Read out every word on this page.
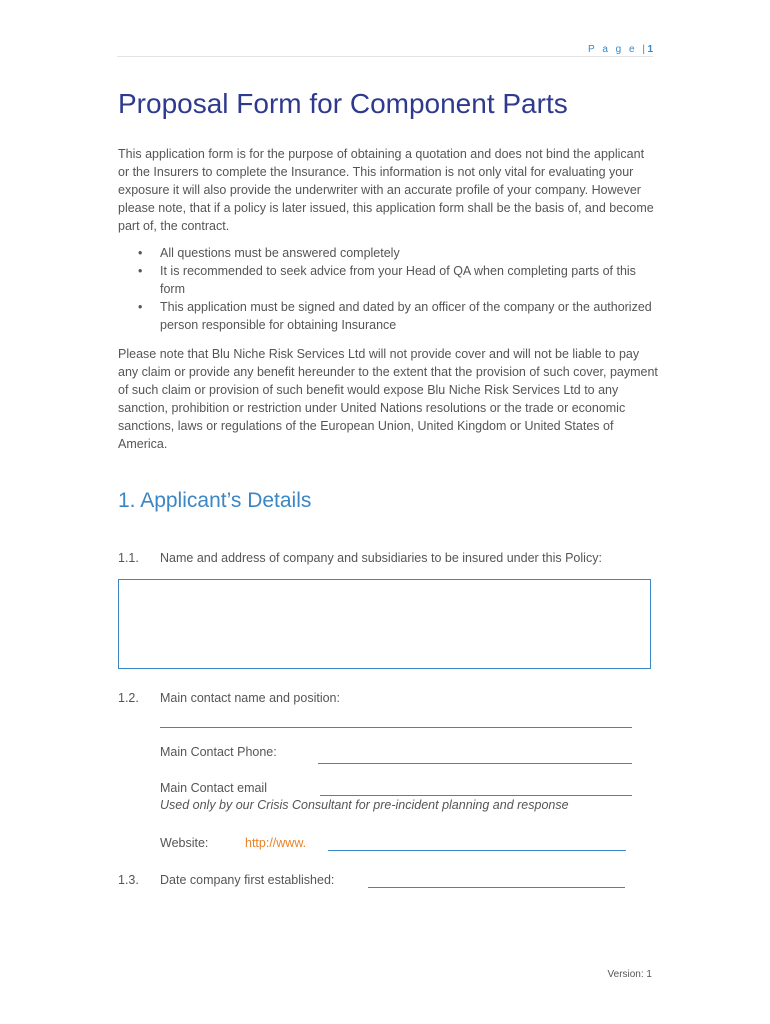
P a g e |1
Proposal Form for Component Parts

This application form is for the purpose of obtaining a quotation and does not bind the applicant or the Insurers to complete the Insurance. This information is not only vital for evaluating your exposure it will also provide the underwriter with an accurate profile of your company. However please note, that if a policy is later issued, this application form shall be the basis of, and become part of, the contract.

• All questions must be answered completely
• It is recommended to seek advice from your Head of QA when completing parts of this form
• This application must be signed and dated by an officer of the company or the authorized person responsible for obtaining Insurance

Please note that Blu Niche Risk Services Ltd will not provide cover and will not be liable to pay any claim or provide any benefit hereunder to the extent that the provision of such cover, payment of such claim or provision of such benefit would expose Blu Niche Risk Services Ltd to any sanction, prohibition or restriction under United Nations resolutions or the trade or economic sanctions, laws or regulations of the European Union, United Kingdom or United States of America.

1. Applicant’s Details
1.1. Name and address of company and subsidiaries to be insured under this Policy:
1.2. Main contact name and position:
Main Contact Phone:
Main Contact email
Used only by our Crisis Consultant for pre-incident planning and response
Website:	http://www.
1.3. Date company first established:
Version: 1
